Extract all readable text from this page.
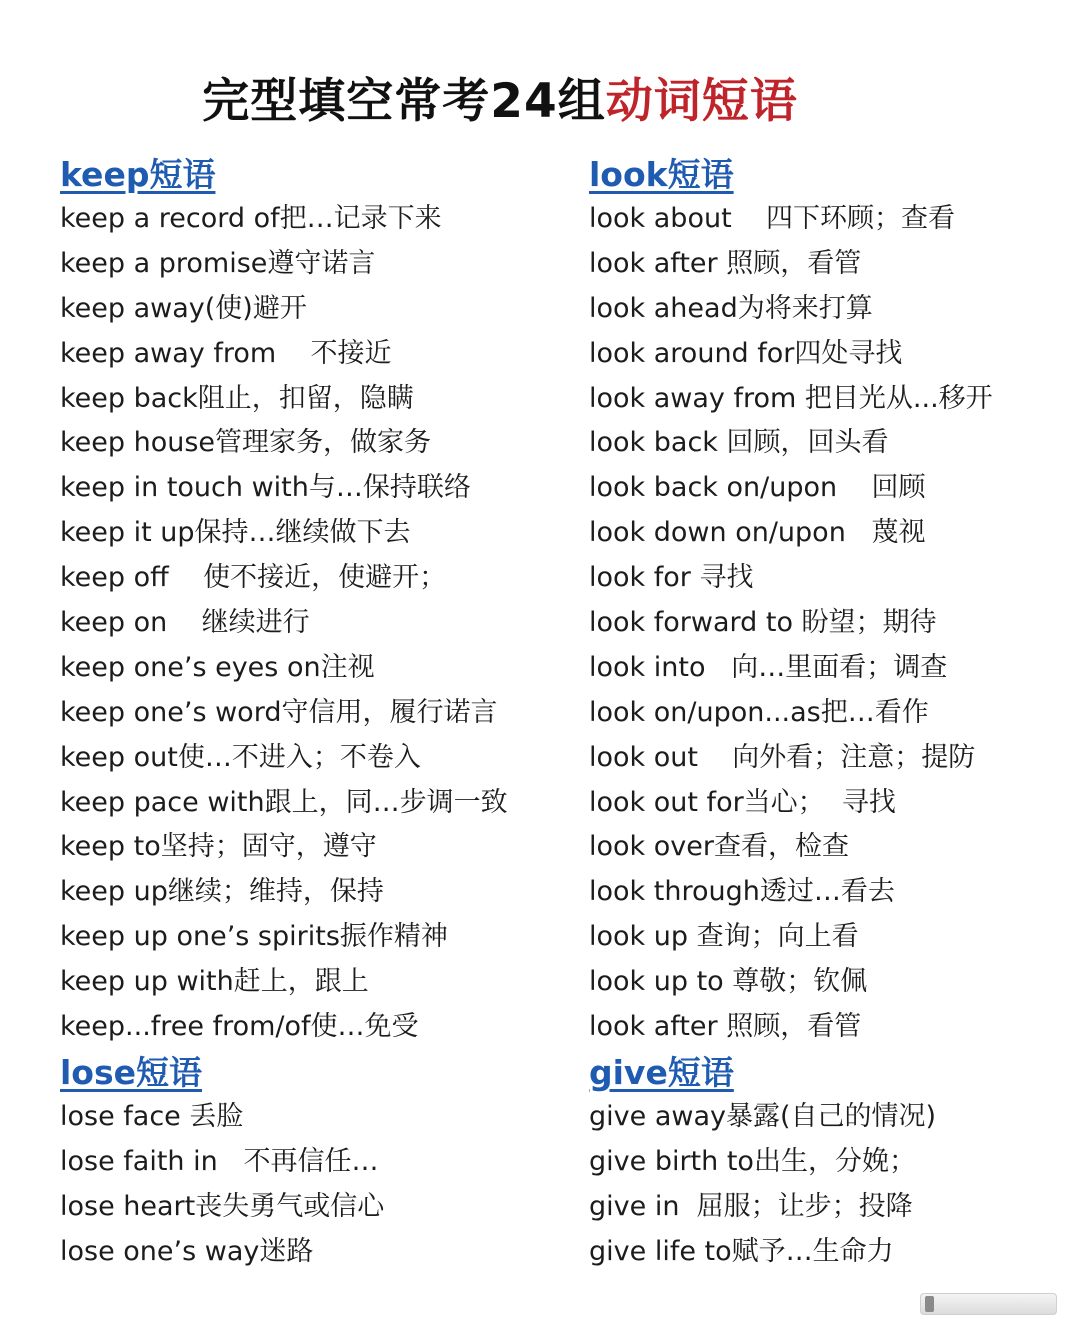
完型填空常考24组动词短语
keep短语
keep a record of把…记录下来
keep a promise遵守诺言
keep away(使)避开
keep away from    不接近
keep back阻止，扣留，隐瞒
keep house管理家务，做家务
keep in touch with与…保持联络
keep it up保持…继续做下去
keep off    使不接近，使避开；
keep on    继续进行
keep one’s eyes on注视
keep one’s word守信用，履行诺言
keep out使…不进入；不卷入
keep pace with跟上，同…步调一致
keep to坚持；固守，遵守
keep up继续；维持，保持
keep up one’s spirits振作精神
keep up with赶上，跟上
keep...free from/of使…免受
lose短语
lose face 丢脸
lose faith in   不再信任…
lose heart丧失勇气或信心
lose one’s way迷路
look短语
look about    四下环顾；查看
look after 照顾，看管
look ahead为将来打算
look around for四处寻找
look away from 把目光从...移开
look back 回顾，回头看
look back on/upon    回顾
look down on/upon   蔑视
look for 寻找
look forward to 盼望；期待
look into   向…里面看；调查
look on/upon...as把…看作
look out    向外看；注意；提防
look out for当心；  寻找
look over查看，检查
look through透过…看去
look up 查询；向上看
look up to 尊敬；钦佩
look after 照顾，看管
give短语
give away暴露(自己的情况)
give birth to出生，分娩；
give in  屈服；让步；投降
give life to赋予…生命力
